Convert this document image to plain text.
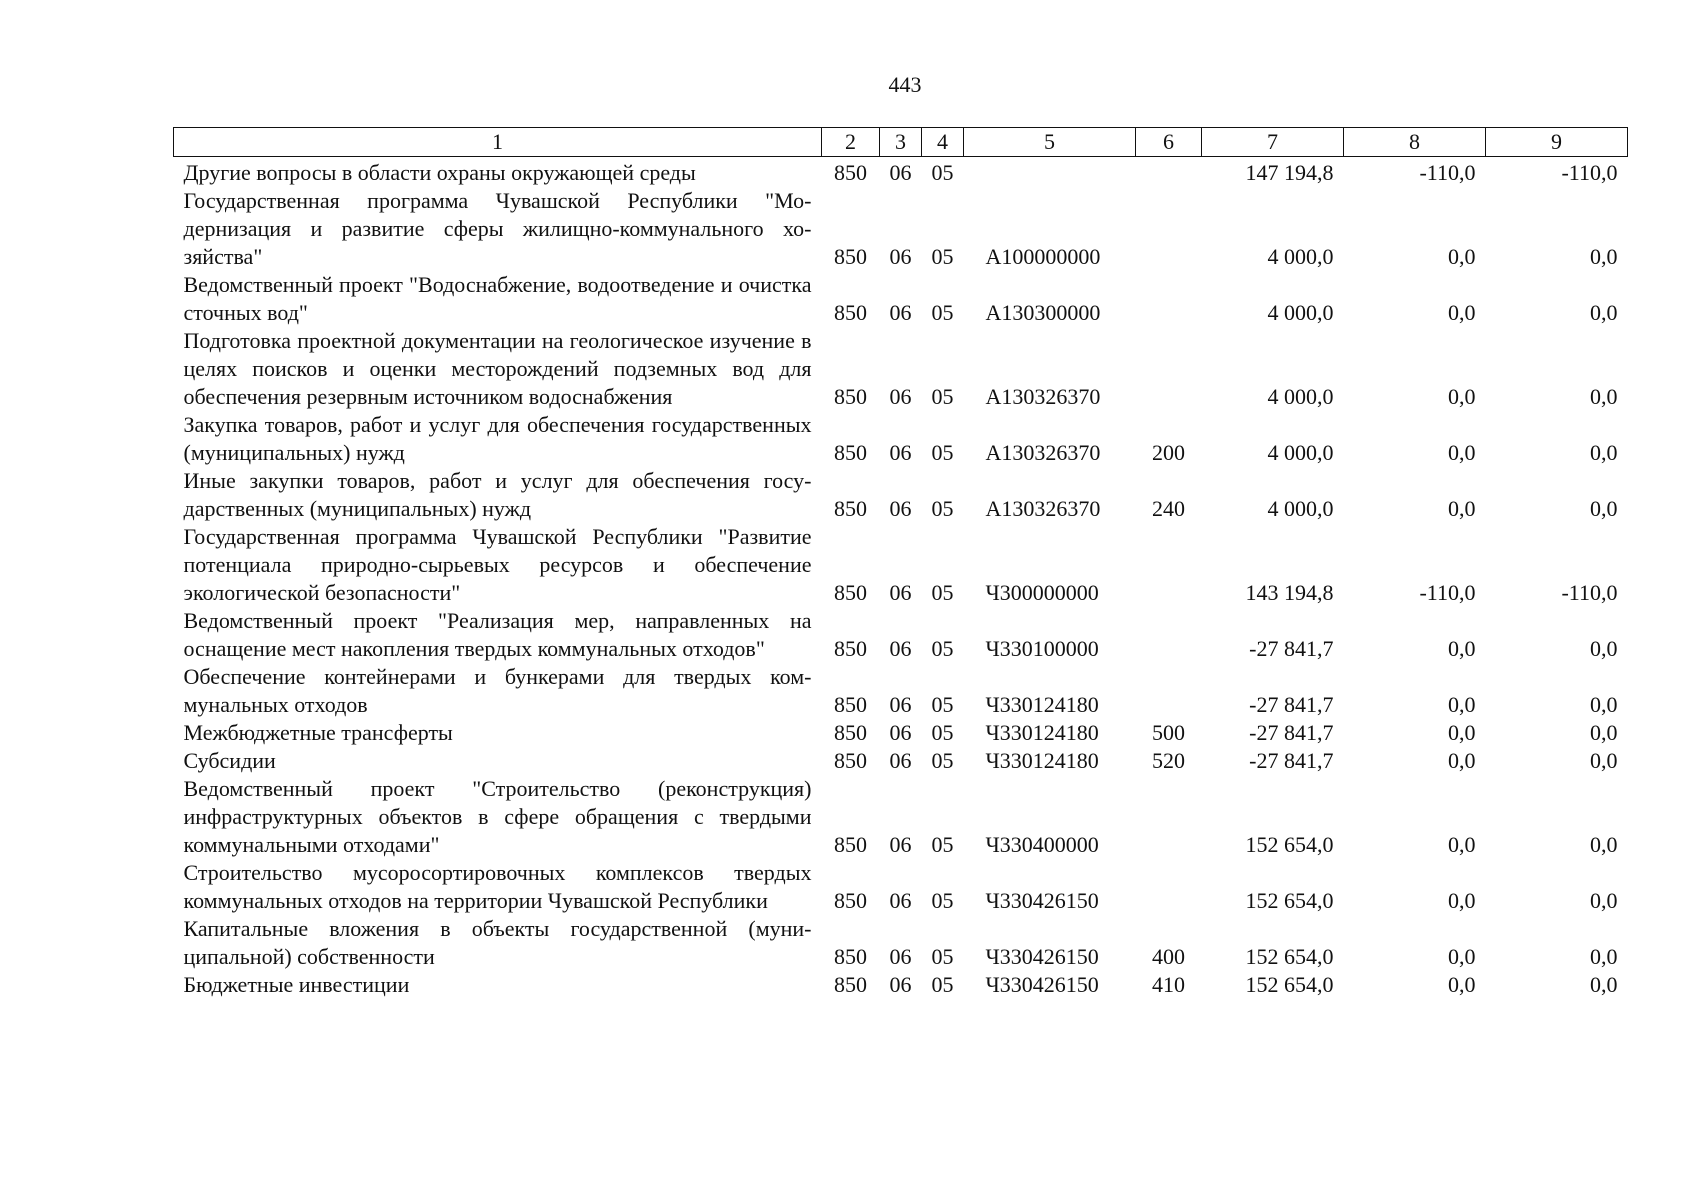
443
1	2	3	4	5	6	7	8	9
Другие вопросы в области охраны окружающей среды	850	06	05			147 194,8	-110,0	-110,0
Государственная программа Чувашской Республики "Модернизация и развитие сферы жилищно-коммунального хозяйства"	850	06	05	А100000000		4 000,0	0,0	0,0
Ведомственный проект "Водоснабжение, водоотведение и очистка сточных вод"	850	06	05	А130300000		4 000,0	0,0	0,0
Подготовка проектной документации на геологическое изучение в целях поисков и оценки месторождений подземных вод для обеспечения резервным источником водоснабжения	850	06	05	А130326370		4 000,0	0,0	0,0
Закупка товаров, работ и услуг для обеспечения государственных (муниципальных) нужд	850	06	05	А130326370	200	4 000,0	0,0	0,0
Иные закупки товаров, работ и услуг для обеспечения государственных (муниципальных) нужд	850	06	05	А130326370	240	4 000,0	0,0	0,0
Государственная программа Чувашской Республики "Развитие потенциала природно-сырьевых ресурсов и обеспечение экологической безопасности"	850	06	05	Ч300000000		143 194,8	-110,0	-110,0
Ведомственный проект "Реализация мер, направленных на оснащение мест накопления твердых коммунальных отходов"	850	06	05	Ч330100000		-27 841,7	0,0	0,0
Обеспечение контейнерами и бункерами для твердых коммунальных отходов	850	06	05	Ч330124180		-27 841,7	0,0	0,0
Межбюджетные трансферты	850	06	05	Ч330124180	500	-27 841,7	0,0	0,0
Субсидии	850	06	05	Ч330124180	520	-27 841,7	0,0	0,0
Ведомственный проект "Строительство (реконструкция) инфраструктурных объектов в сфере обращения с твердыми коммунальными отходами"	850	06	05	Ч330400000		152 654,0	0,0	0,0
Строительство мусоросортировочных комплексов твердых коммунальных отходов на территории Чувашской Республики	850	06	05	Ч330426150		152 654,0	0,0	0,0
Капитальные вложения в объекты государственной (муниципальной) собственности	850	06	05	Ч330426150	400	152 654,0	0,0	0,0
Бюджетные инвестиции	850	06	05	Ч330426150	410	152 654,0	0,0	0,0
